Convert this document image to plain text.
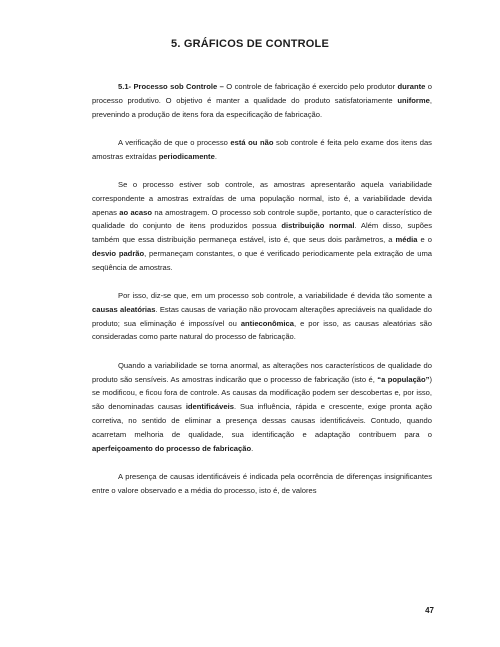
5. GRÁFICOS DE CONTROLE

5.1- Processo sob Controle – O controle de fabricação é exercido pelo produtor durante o processo produtivo. O objetivo é manter a qualidade do produto satisfatoriamente uniforme, prevenindo a produção de itens fora da especificação de fabricação.

A verificação de que o processo está ou não sob controle é feita pelo exame dos itens das amostras extraídas periodicamente.

Se o processo estiver sob controle, as amostras apresentarão aquela variabilidade correspondente a amostras extraídas de uma população normal, isto é, a variabilidade devida apenas ao acaso na amostragem. O processo sob controle supõe, portanto, que o característico de qualidade do conjunto de itens produzidos possua distribuição normal. Além disso, supões também que essa distribuição permaneça estável, isto é, que seus dois parâmetros, a média e o desvio padrão, permaneçam constantes, o que é verificado periodicamente pela extração de uma seqüência de amostras.

Por isso, diz-se que, em um processo sob controle, a variabilidade é devida tão somente a causas aleatórias. Estas causas de variação não provocam alterações apreciáveis na qualidade do produto; sua eliminação é impossível ou antieconômica, e por isso, as causas aleatórias são consideradas como parte natural do processo de fabricação.

Quando a variabilidade se torna anormal, as alterações nos característicos de qualidade do produto são sensíveis. As amostras indicarão que o processo de fabricação (isto é, “a população”) se modificou, e ficou fora de controle. As causas da modificação podem ser descobertas e, por isso, são denominadas causas identificáveis. Sua influência, rápida e crescente, exige pronta ação corretiva, no sentido de eliminar a presença dessas causas identificáveis. Contudo, quando acarretam melhoria de qualidade, sua identificação e adaptação contribuem para o aperfeiçoamento do processo de fabricação.

A presença de causas identificáveis é indicada pela ocorrência de diferenças insignificantes entre o valore observado e a média do processo, isto é, de valores

47
